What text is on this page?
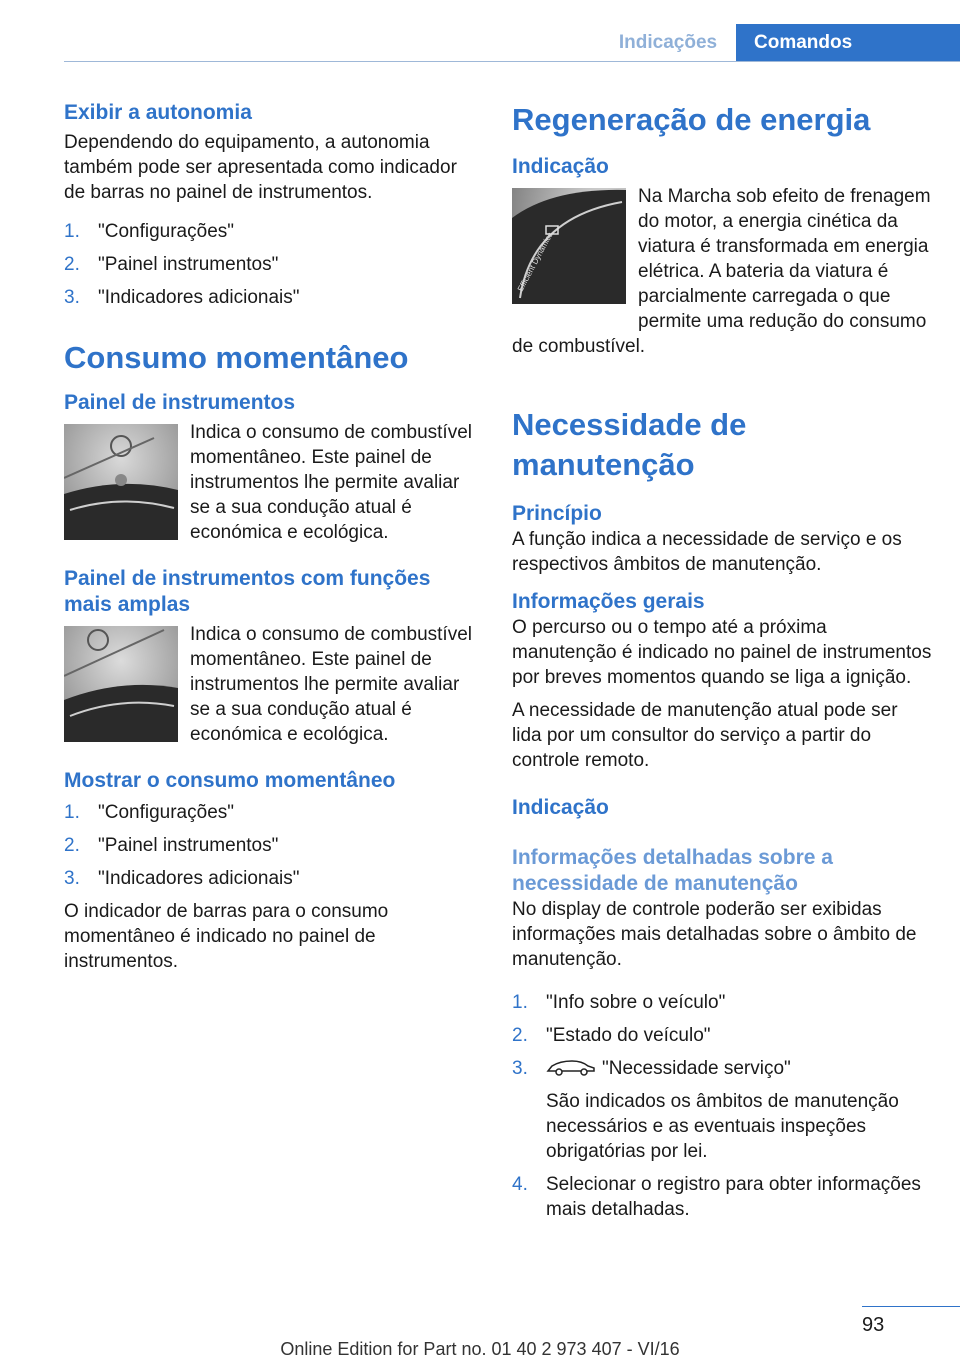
Indicações	Comandos
Exibir a autonomia

Dependendo do equipamento, a autonomia também pode ser apresentada como indicador de barras no painel de instrumentos.

1. "Configurações"
2. "Painel instrumentos"
3. "Indicadores adicionais"
Consumo momentâneo
Painel de instrumentos

Indica o consumo de combustível momentâneo. Este painel de instrumentos lhe permite avaliar se a sua condução atual é económica e ecológica.

Painel de instrumentos com funções mais amplas

Indica o consumo de combustível momentâneo. Este painel de instrumentos lhe permite avaliar se a sua condução atual é económica e ecológica.

Mostrar o consumo momentâneo
1. "Configurações"
2. "Painel instrumentos"
3. "Indicadores adicionais"

O indicador de barras para o consumo momentâneo é indicado no painel de instrumentos.

Regeneração de energia
Indicação
Efficient Dynamics

Na Marcha sob efeito de frenagem do motor, a energia cinética da viatura é transformada em energia elétrica. A bateria da viatura é parcialmente carregada o que permite uma redução do consumo de combustível.

Necessidade de manutenção
Princípio

A função indica a necessidade de serviço e os respectivos âmbitos de manutenção.

Informações gerais

O percurso ou o tempo até a próxima manutenção é indicado no painel de instrumentos por breves momentos quando se liga a ignição.

A necessidade de manutenção atual pode ser lida por um consultor do serviço a partir do controle remoto.

Indicação
Informações detalhadas sobre a necessidade de manutenção

No display de controle poderão ser exibidas informações mais detalhadas sobre o âmbito de manutenção.

1. "Info sobre o veículo"
2. "Estado do veículo"
3.	"Necessidade serviço"
São indicados os âmbitos de manutenção necessários e as eventuais inspeções obrigatórias por lei.
4. Selecionar o registro para obter informações mais detalhadas.
93
Online Edition for Part no. 01 40 2 973 407 - VI/16
